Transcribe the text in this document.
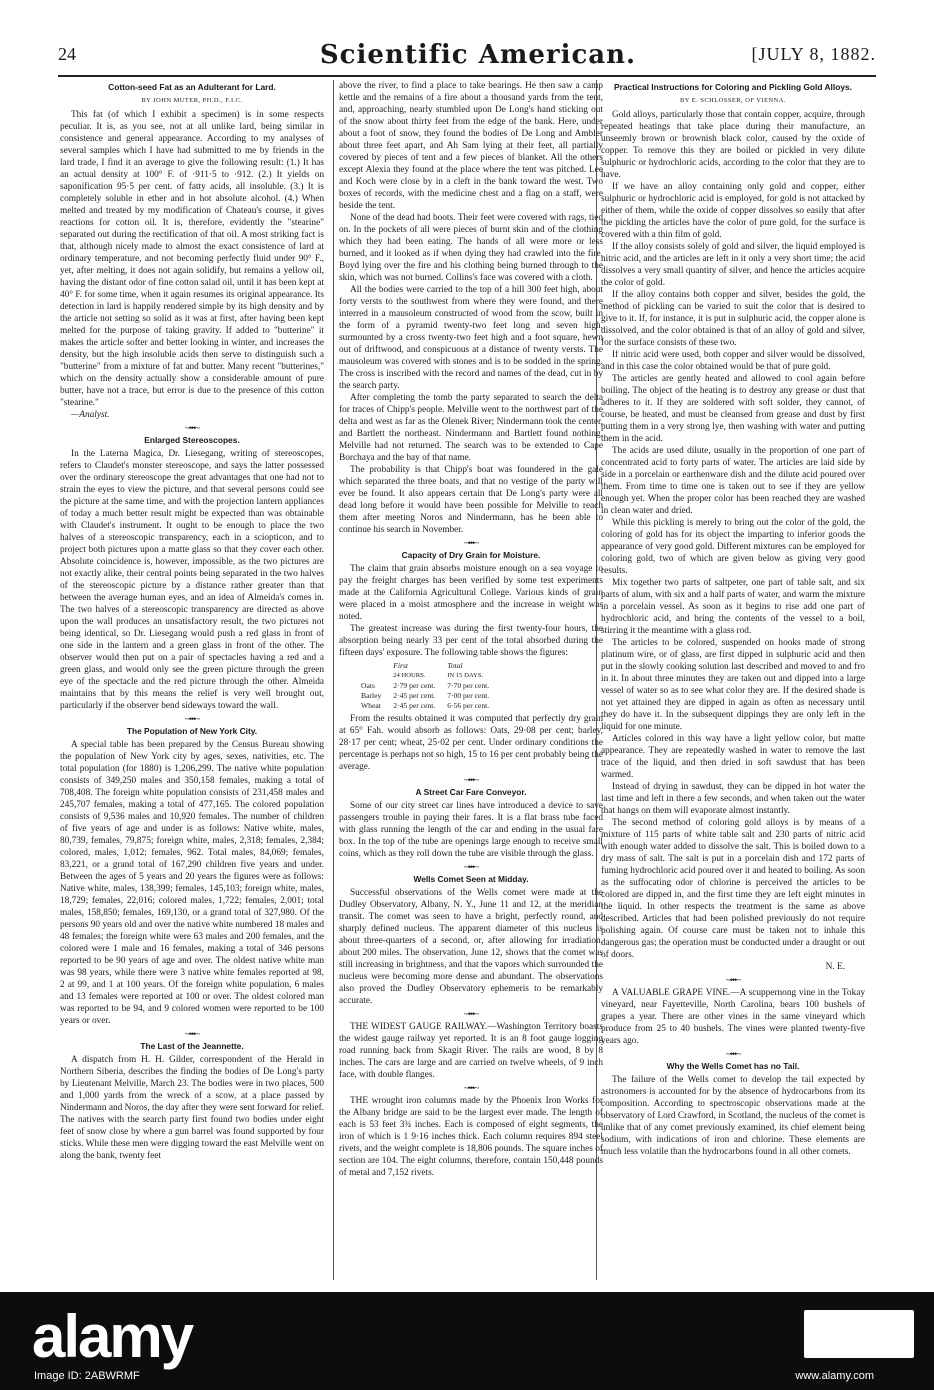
24	Scientific American.	[JULY 8, 1882.
Cotton-seed Fat as an Adulterant for Lard.
BY JOHN MUTER, PH.D., F.I.C.

This fat (of which I exhibit a specimen) is in some respects peculiar. It is, as you see, not at all unlike lard, being similar in consistence and general appearance. According to my analyses of several samples which I have had submitted to me by friends in the lard trade, I find it an average to give the following result: (1.) It has an actual density at 100° F. of ·911·5 to ·912. (2.) It yields on saponification 95·5 per cent. of fatty acids, all insoluble. (3.) It is completely soluble in ether and in hot absolute alcohol. (4.) When melted and treated by my modification of Chateau's course, it gives reactions for cotton oil. It is, therefore, evidently the "stearine" separated out during the rectification of that oil. A most striking fact is that, although nicely made to almost the exact consistence of lard at ordinary temperature, and not becoming perfectly fluid under 90° F., yet, after melting, it does not again solidify, but remains a yellow oil, having the distant odor of fine cotton salad oil, until it has been kept at 40° F. for some time, when it again resumes its original appearance. Its detection in lard is happily rendered simple by its high density and by the article not setting so solid as it was at first, after having been kept melted for the purpose of taking gravity. If added to "butterine" it makes the article softer and better looking in winter, and increases the density, but the high insoluble acids then serve to distinguish such a "butterine" from a mixture of fat and butter. Many recent "butterines," which on the density actually show a considerable amount of pure butter, have not a trace, but error is due to the presence of this cotton "stearine."

—Analyst.

~•••~
Enlarged Stereoscopes.

In the Laterna Magica, Dr. Liesegang, writing of stereoscopes, refers to Claudet's monster stereoscope, and says the latter possessed over the ordinary stereoscope the great advantages that one had not to strain the eyes to view the picture, and that several persons could see the picture at the same time, and with the projection lantern appliances of today a much better result might be expected than was obtainable with Claudet's instrument. It ought to be enough to place the two halves of a stereoscopic transparency, each in a sciopticon, and to project both pictures upon a matte glass so that they cover each other. Absolute coincidence is, however, impossible, as the two pictures are not exactly alike, their central points being separated in the two halves of the stereoscopic picture by a distance rather greater than that between the average human eyes, and an idea of Almeida's comes in. The two halves of a stereoscopic transparency are directed as above upon the wall produces an unsatisfactory result, the two pictures not being identical, so Dr. Liesegang would push a red glass in front of one side in the lantern and a green glass in front of the other. The observer would then put on a pair of spectacles having a red and a green glass, and would only see the green picture through the green eye of the spectacle and the red picture through the other. Almeida maintains that by this means the relief is very well brought out, particularly if the observer bend sideways toward the wall.

~•••~
The Population of New York City.

A special table has been prepared by the Census Bureau showing the population of New York city by ages, sexes, nativities, etc. The total population (for 1880) is 1,206,299. The native white population consists of 349,250 males and 350,158 females, making a total of 708,408. The foreign white population consists of 231,458 males and 245,707 females, making a total of 477,165. The colored population consists of 9,536 males and 10,920 females. The number of children of five years of age and under is as follows: Native white, males, 80,739, females, 79,875; foreign white, males, 2,318; females, 2,384; colored, males, 1,012; females, 962. Total males, 84,069; females, 83,221, or a grand total of 167,290 children five years and under. Between the ages of 5 years and 20 years the figures were as follows: Native white, males, 138,399; females, 145,103; foreign white, males, 18,729; females, 22,016; colored males, 1,722; females, 2,001; total males, 158,850; females, 169,130, or a grand total of 327,980. Of the persons 90 years old and over the native white numbered 18 males and 48 females; the foreign white were 63 males and 200 females, and the colored were 1 male and 16 females, making a total of 346 persons reported to be 90 years of age and over. The oldest native white man was 98 years, while there were 3 native white females reported at 98, 2 at 99, and 1 at 100 years. Of the foreign white population, 6 males and 13 females were reported at 100 or over. The oldest colored man was reported to be 94, and 9 colored women were reported to be 100 years or over.

~•••~
The Last of the Jeannette.

A dispatch from H. H. Gilder, correspondent of the Herald in Northern Siberia, describes the finding the bodies of De Long's party by Lieutenant Melville, March 23. The bodies were in two places, 500 and 1,000 yards from the wreck of a scow, at a place passed by Nindermann and Noros, the day after they were sent forward for relief. The natives with the search party first found two bodies under eight feet of snow close by where a gun barrel was found supported by four sticks. While these men were digging toward the east Melville went on along the bank, twenty feet

above the river, to find a place to take bearings. He then saw a camp kettle and the remains of a fire about a thousand yards from the tent, and, approaching, nearly stumbled upon De Long's hand sticking out of the snow about thirty feet from the edge of the bank. Here, under about a foot of snow, they found the bodies of De Long and Ambler about three feet apart, and Ah Sam lying at their feet, all partially covered by pieces of tent and a few pieces of blanket. All the others except Alexia they found at the place where the tent was pitched. Lee and Koch were close by in a cleft in the bank toward the west. Two boxes of records, with the medicine chest and a flag on a staff, were beside the tent.

None of the dead had boots. Their feet were covered with rags, tied on. In the pockets of all were pieces of burnt skin and of the clothing which they had been eating. The hands of all were more or less burned, and it looked as if when dying they had crawled into the fire, Boyd lying over the fire and his clothing being burned through to the skin, which was not burned. Collins's face was covered with a cloth.

All the bodies were carried to the top of a hill 300 feet high, about forty versts to the southwest from where they were found, and there interred in a mausoleum constructed of wood from the scow, built in the form of a pyramid twenty-two feet long and seven high, surmounted by a cross twenty-two feet high and a foot square, hewn out of driftwood, and conspicuous at a distance of twenty versts. The mausoleum was covered with stones and is to be sodded in the spring. The cross is inscribed with the record and names of the dead, cut in by the search party.

After completing the tomb the party separated to search the delta for traces of Chipp's people. Melville went to the northwest part of the delta and west as far as the Olenek River; Nindermann took the center, and Bartlett the northeast. Nindermann and Bartlett found nothing. Melville had not returned. The search was to be extended to Cape Borchaya and the bay of that name.

The probability is that Chipp's boat was foundered in the gale which separated the three boats, and that no vestige of the party will ever be found. It also appears certain that De Long's party were all dead long before it would have been possible for Melville to reach them after meeting Noros and Nindermann, has he been able to continue his search in November.

~•••~
Capacity of Dry Grain for Moisture.

The claim that grain absorbs moisture enough on a sea voyage to pay the freight charges has been verified by some test experiments made at the California Agricultural College. Various kinds of grain were placed in a moist atmosphere and the increase in weight was noted.

The greatest increase was during the first twenty-four hours, the absorption being nearly 33 per cent of the total absorbed during the fifteen days' exposure. The following table shows the figures:

	First	Total
	24 HOURS.	IN 15 DAYS.
Oats	2·79 per cent.	7·70 per cent.
Barley	2·45 per cent.	7·00 per cent.
Wheat	2·45 per cent.	6·56 per cent.

From the results obtained it was computed that perfectly dry grain at 65° Fah. would absorb as follows: Oats, 29·08 per cent; barley, 28·17 per cent; wheat, 25·02 per cent. Under ordinary conditions the percentage is perhaps not so high, 15 to 16 per cent probably being the average.

~•••~
A Street Car Fare Conveyor.

Some of our city street car lines have introduced a device to save passengers trouble in paying their fares. It is a flat brass tube faced with glass running the length of the car and ending in the usual fare box. In the top of the tube are openings large enough to receive small coins, which as they roll down the tube are visible through the glass.

~•••~
Wells Comet Seen at Midday.

Successful observations of the Wells comet were made at the Dudley Observatory, Albany, N. Y., June 11 and 12, at the meridian transit. The comet was seen to have a bright, perfectly round, and sharply defined nucleus. The apparent diameter of this nucleus is about three-quarters of a second, or, after allowing for irradiation, about 200 miles. The observation, June 12, shows that the comet was still increasing in brightness, and that the vapors which surrounded the nucleus were becoming more dense and abundant. The observations also proved the Dudley Observatory ephemeris to be remarkably accurate.

~•••~

THE WIDEST GAUGE RAILWAY.—Washington Territory boasts the widest gauge railway yet reported. It is an 8 foot gauge logging road running back from Skagit River. The rails are wood, 8 by 8 inches. The cars are large and are carried on twelve wheels, of 9 inch face, with double flanges.

~•••~

THE wrought iron columns made by the Phoenix Iron Works for the Albany bridge are said to be the largest ever made. The length of each is 53 feet 3¾ inches. Each is composed of eight segments, the iron of which is 1 9·16 inches thick. Each column requires 894 steel rivets, and the weight complete is 18,806 pounds. The square inches of section are 104. The eight columns, therefore, contain 150,448 pounds of metal and 7,152 rivets.

Practical Instructions for Coloring and Pickling Gold Alloys.
BY E. SCHLOSSER, OF VIENNA.

Gold alloys, particularly those that contain copper, acquire, through repeated heatings that take place during their manufacture, an unseemly brown or brownish black color, caused by the oxide of copper. To remove this they are boiled or pickled in very dilute sulphuric or hydrochloric acids, according to the color that they are to have.

If we have an alloy containing only gold and copper, either sulphuric or hydrochloric acid is employed, for gold is not attacked by either of them, while the oxide of copper dissolves so easily that after the pickling the articles have the color of pure gold, for the surface is covered with a thin film of gold.

If the alloy consists solely of gold and silver, the liquid employed is nitric acid, and the articles are left in it only a very short time; the acid dissolves a very small quantity of silver, and hence the articles acquire the color of gold.

If the alloy contains both copper and silver, besides the gold, the method of pickling can be varied to suit the color that is desired to give to it. If, for instance, it is put in sulphuric acid, the copper alone is dissolved, and the color obtained is that of an alloy of gold and silver, for the surface consists of these two.

If nitric acid were used, both copper and silver would be dissolved, and in this case the color obtained would be that of pure gold.

The articles are gently heated and allowed to cool again before boiling. The object of the heating is to destroy any grease or dust that adheres to it. If they are soldered with soft solder, they cannot, of course, be heated, and must be cleansed from grease and dust by first putting them in a very strong lye, then washing with water and putting them in the acid.

The acids are used dilute, usually in the proportion of one part of concentrated acid to forty parts of water. The articles are laid side by side in a porcelain or earthenware dish and the dilute acid poured over them. From time to time one is taken out to see if they are yellow enough yet. When the proper color has been reached they are washed in clean water and dried.

While this pickling is merely to bring out the color of the gold, the coloring of gold has for its object the imparting to inferior goods the appearance of very good gold. Different mixtures can be employed for coloring gold, two of which are given below as giving very good results.

Mix together two parts of saltpeter, one part of table salt, and six parts of alum, with six and a half parts of water, and warm the mixture in a porcelain vessel. As soon as it begins to rise add one part of hydrochloric acid, and bring the contents of the vessel to a boil, stirring it the meantime with a glass rod.

The articles to be colored, suspended on hooks made of strong platinum wire, or of glass, are first dipped in sulphuric acid and then put in the slowly cooking solution last described and moved to and fro in it. In about three minutes they are taken out and dipped into a large vessel of water so as to see what color they are. If the desired shade is not yet attained they are dipped in again as often as necessary until they do have it. In the subsequent dippings they are only left in the liquid for one minute.

Articles colored in this way have a light yellow color, but matte appearance. They are repeatedly washed in water to remove the last trace of the liquid, and then dried in soft sawdust that has been warmed.

Instead of drying in sawdust, they can be dipped in hot water the last time and left in there a few seconds, and when taken out the water that hangs on them will evaporate almost instantly.

The second method of coloring gold alloys is by means of a mixture of 115 parts of white table salt and 230 parts of nitric acid with enough water added to dissolve the salt. This is boiled down to a dry mass of salt. The salt is put in a porcelain dish and 172 parts of fuming hydrochloric acid poured over it and heated to boiling. As soon as the suffocating odor of chlorine is perceived the articles to be colored are dipped in, and the first time they are left eight minutes in the liquid. In other respects the treatment is the same as above described. Articles that had been polished previously do not require polishing again. Of course care must be taken not to inhale this dangerous gas; the operation must be conducted under a draught or out of doors.

N. E.

~•••~

A VALUABLE GRAPE VINE.—A scuppernong vine in the Tokay vineyard, near Fayetteville, North Carolina, bears 100 bushels of grapes a year. There are other vines in the same vineyard which produce from 25 to 40 bushels. The vines were planted twenty-five years ago.

~•••~
Why the Wells Comet has no Tail.

The failure of the Wells comet to develop the tail expected by astronomers is accounted for by the absence of hydrocarbons from its composition. According to spectroscopic observations made at the observatory of Lord Crawford, in Scotland, the nucleus of the comet is unlike that of any comet previously examined, its chief element being sodium, with indications of iron and chlorine. These elements are much less volatile than the hydrocarbons found in all other comets.

alamy
Image ID: 2ABWRMF	www.alamy.com
